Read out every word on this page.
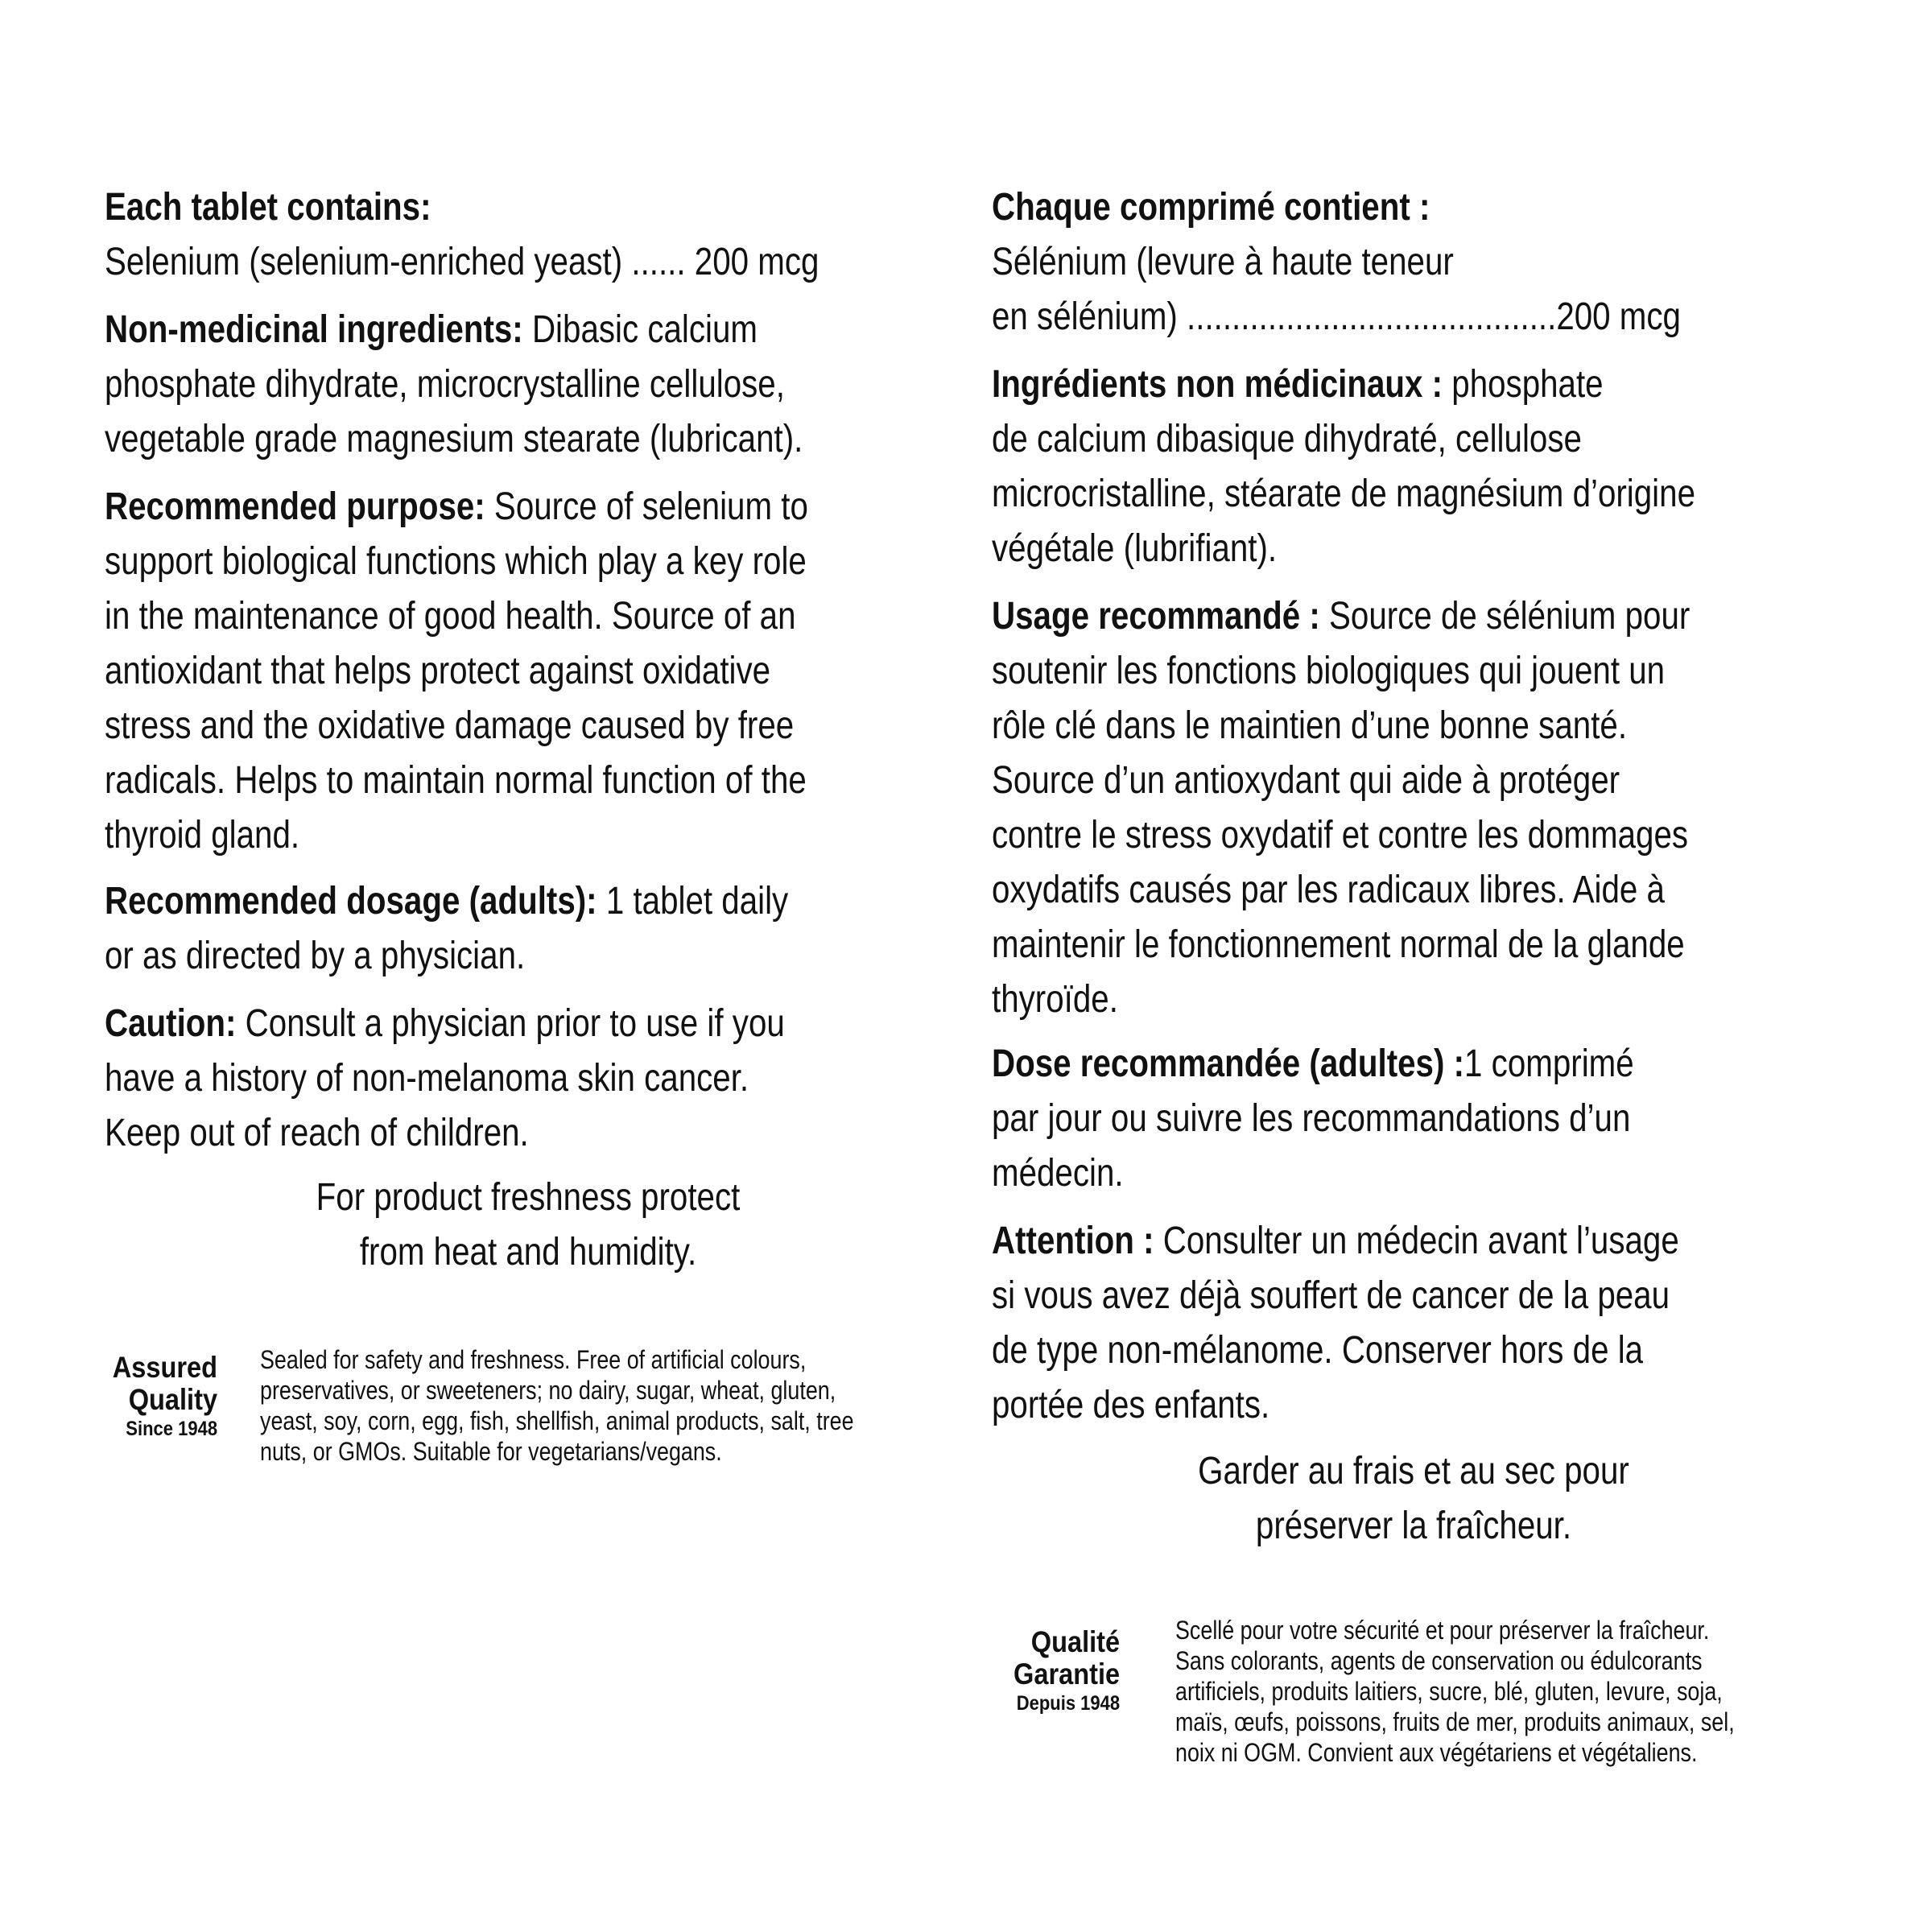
Each tablet contains:
Selenium (selenium-enriched yeast) ...... 200 mcg
Non-medicinal ingredients: Dibasic calcium
phosphate dihydrate, microcrystalline cellulose,
vegetable grade magnesium stearate (lubricant).
Recommended purpose: Source of selenium to
support biological functions which play a key role
in the maintenance of good health. Source of an
antioxidant that helps protect against oxidative
stress and the oxidative damage caused by free
radicals. Helps to maintain normal function of the
thyroid gland.
Recommended dosage (adults): 1 tablet daily
or as directed by a physician.
Caution: Consult a physician prior to use if you
have a history of non-melanoma skin cancer.
Keep out of reach of children.
For product freshness protect
from heat and humidity.
Assured
Quality
Since 1948
Sealed for safety and freshness. Free of artificial colours,
preservatives, or sweeteners; no dairy, sugar, wheat, gluten,
yeast, soy, corn, egg, fish, shellfish, animal products, salt, tree
nuts, or GMOs. Suitable for vegetarians/vegans.
Chaque comprimé contient :
Sélénium (levure à haute teneur
en sélénium) .........................................200 mcg
Ingrédients non médicinaux : phosphate
de calcium dibasique dihydraté, cellulose
microcristalline, stéarate de magnésium d’origine
végétale (lubrifiant).
Usage recommandé : Source de sélénium pour
soutenir les fonctions biologiques qui jouent un
rôle clé dans le maintien d’une bonne santé.
Source d’un antioxydant qui aide à protéger
contre le stress oxydatif et contre les dommages
oxydatifs causés par les radicaux libres. Aide à
maintenir le fonctionnement normal de la glande
thyroïde.
Dose recommandée (adultes) :1 comprimé
par jour ou suivre les recommandations d’un
médecin.
Attention : Consulter un médecin avant l’usage
si vous avez déjà souffert de cancer de la peau
de type non-mélanome. Conserver hors de la
portée des enfants.
Garder au frais et au sec pour
préserver la fraîcheur.
Qualité
Garantie
Depuis 1948
Scellé pour votre sécurité et pour préserver la fraîcheur.
Sans colorants, agents de conservation ou édulcorants
artificiels, produits laitiers, sucre, blé, gluten, levure, soja,
maïs, œufs, poissons, fruits de mer, produits animaux, sel,
noix ni OGM. Convient aux végétariens et végétaliens.
